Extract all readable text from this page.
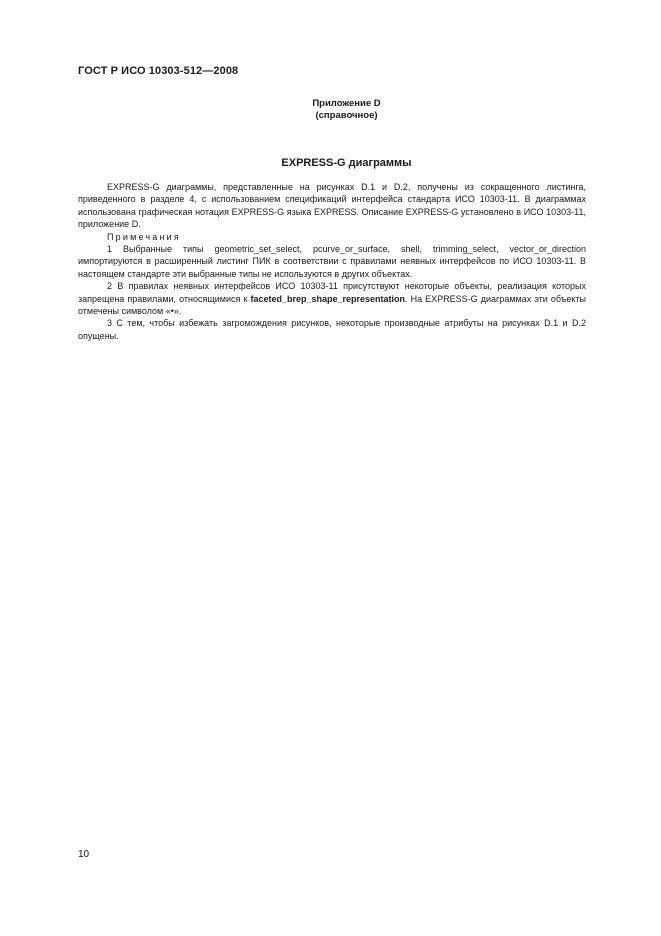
ГОСТ Р ИСО 10303-512—2008
Приложение D
(справочное)
EXPRESS-G диаграммы

EXPRESS-G диаграммы, представленные на рисунках D.1 и D.2, получены из сокращенного листинга, приведенного в разделе 4, с использованием спецификаций интерфейса стандарта ИСО 10303-11. В диаграммах использована графическая нотация EXPRESS-G языка EXPRESS. Описание EXPRESS-G установлено в ИСО 10303-11, приложение D.

Примечания

1 Выбранные типы geometric_set_select, pcurve_or_surface, shell, trimming_select, vector_or_direction импортируются в расширенный листинг ПИК в соответствии с правилами неявных интерфейсов по ИСО 10303-11. В настоящем стандарте эти выбранные типы не используются в других объектах.

2 В правилах неявных интерфейсов ИСО 10303-11 присутствуют некоторые объекты, реализация которых запрещена правилами, относящимися к faceted_brep_shape_representation. На EXPRESS-G диаграммах эти объекты отмечены символом «•».

3 С тем, чтобы избежать загромождения рисунков, некоторые производные атрибуты на рисунках D.1 и D.2 опущены.

10
